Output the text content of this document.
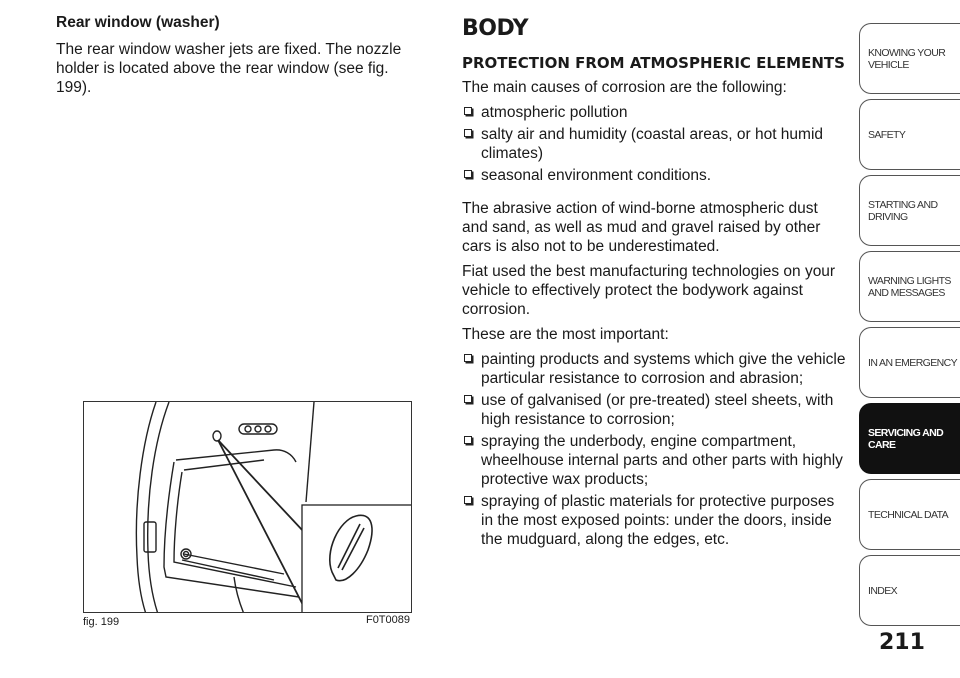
Rear window (washer)

The rear window washer jets are fixed. The nozzle holder is located above the rear window (see fig. 199).

fig. 199	F0T0089
BODY
PROTECTION FROM ATMOSPHERIC ELEMENTS

The main causes of corrosion are the following:

atmospheric pollution
salty air and humidity (coastal areas, or hot humid climates)
seasonal environment conditions.

The abrasive action of wind-borne atmospheric dust and sand, as well as mud and gravel raised by other cars is also not to be underestimated.

Fiat used the best manufacturing technologies on your vehicle to effectively protect the bodywork against corrosion.

These are the most important:

painting products and systems which give the vehicle particular resistance to corrosion and abrasion;
use of galvanised (or pre-treated) steel sheets, with high resistance to corrosion;
spraying the underbody, engine compartment, wheelhouse internal parts and other parts with highly protective wax products;
spraying of plastic materials for protective purposes in the most exposed points: under the doors, inside the mudguard, along the edges, etc.
KNOWING YOUR VEHICLE
SAFETY
STARTING AND DRIVING
WARNING LIGHTS AND MESSAGES
IN AN EMERGENCY
SERVICING AND CARE
TECHNICAL DATA
INDEX
211
